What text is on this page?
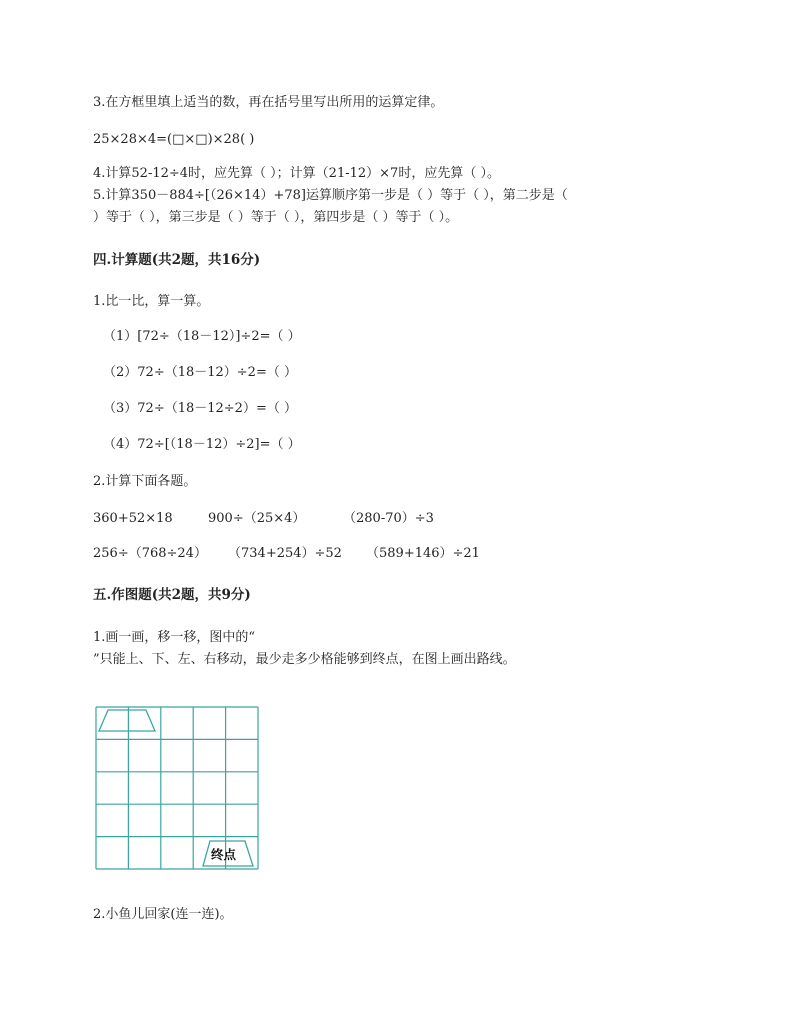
3.在方框里填上适当的数，再在括号里写出所用的运算定律。
25×28×4=(□×□)×28( )
4.计算52-12÷4时，应先算（ ）；计算（21-12）×7时，应先算（ ）。
5.计算350－884÷[（26×14）+78]运算顺序第一步是（ ）等于（ ），第二步是（
）等于（ ），第三步是（ ）等于（ ），第四步是（ ）等于（ ）。
四.计算题(共2题，共16分)
1.比一比，算一算。
（1）[72÷（18－12）]÷2=（ ）
（2）72÷（18－12）÷2=（ ）
（3）72÷（18－12÷2）=（ ）
（4）72÷[（18－12）÷2]=（ ）
2.计算下面各题。
360+52×18	900÷（25×4）	（280-70）÷3
256÷（768÷24） （734+254）÷52 （589+146）÷21
五.作图题(共2题，共9分)
1.画一画，移一移，图中的“
”只能上、下、左、右移动，最少走多少格能够到终点，在图上画出路线。
终点
2.小鱼儿回家(连一连)。
